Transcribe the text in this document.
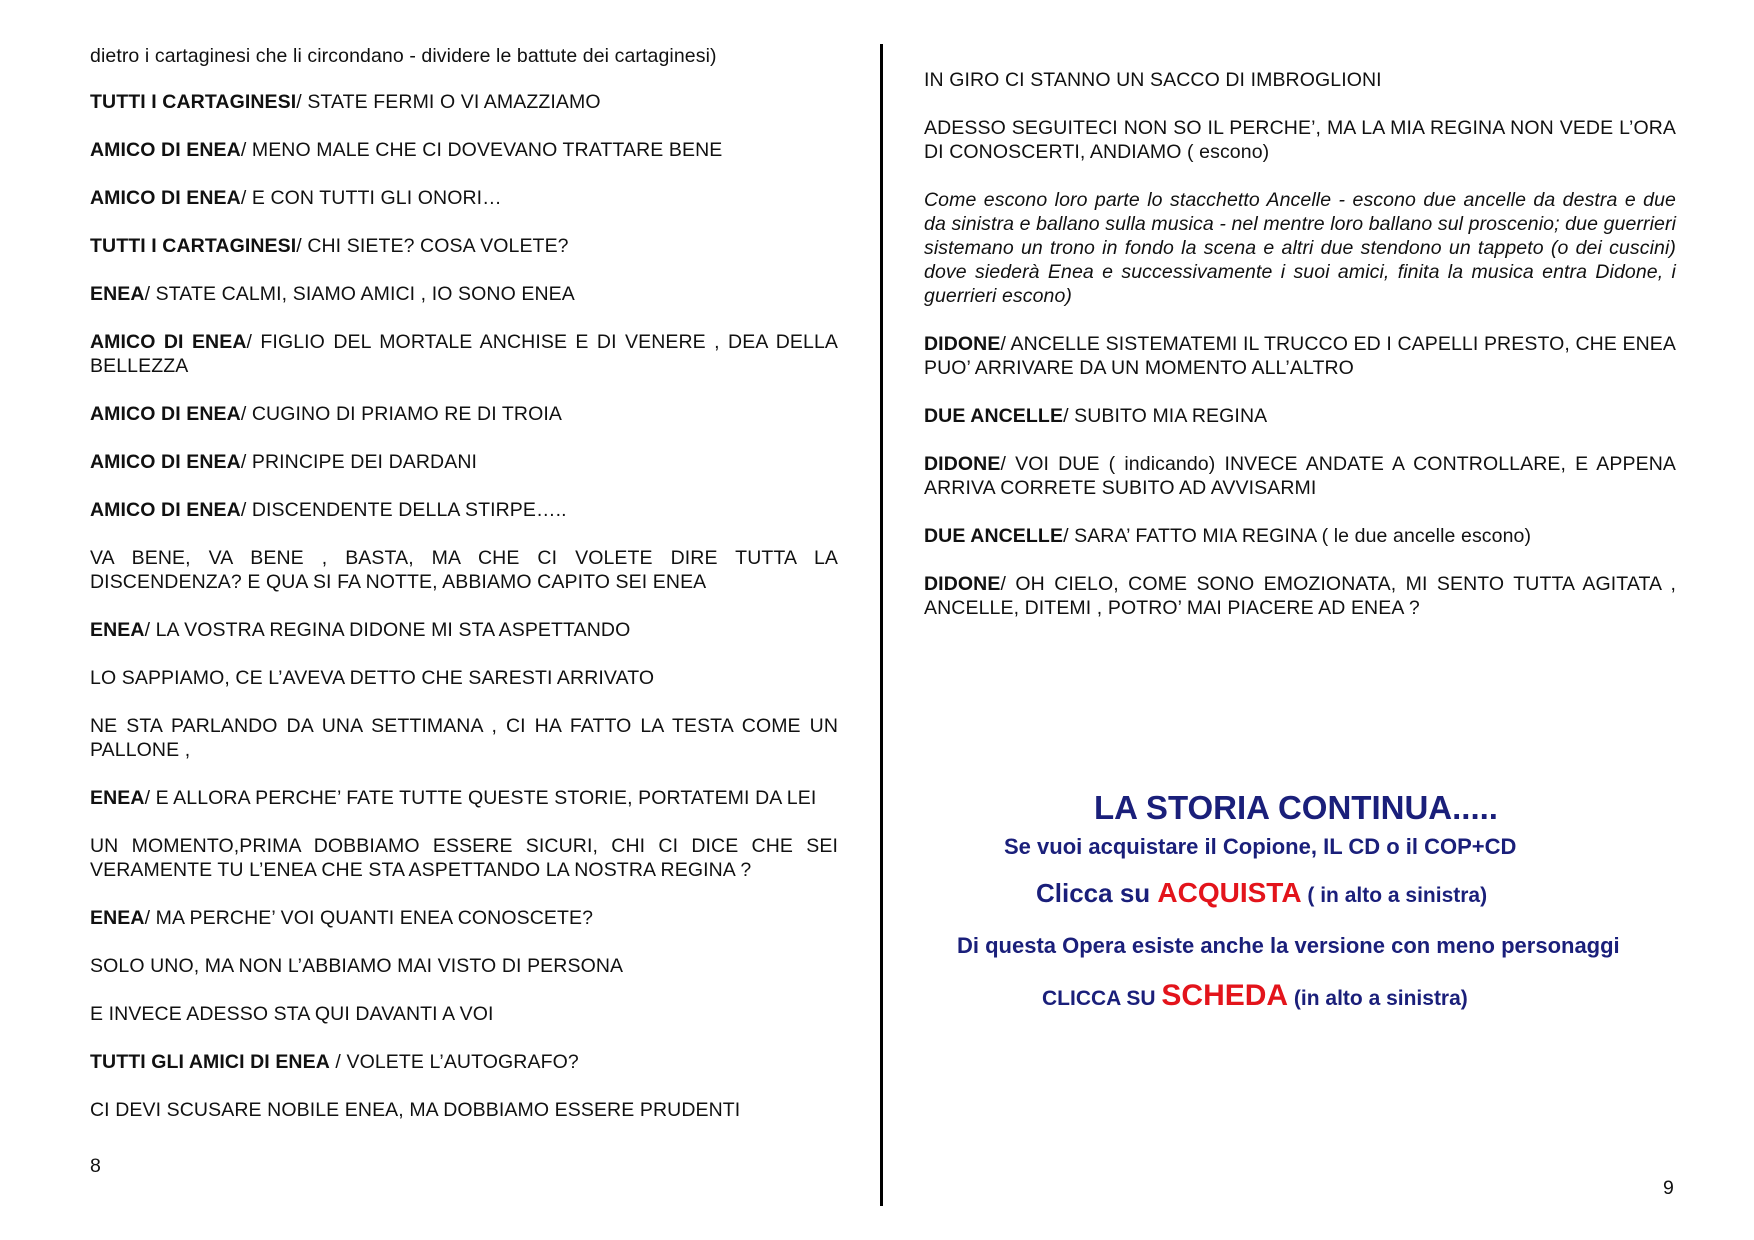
dietro i cartaginesi che li circondano - dividere le battute dei cartaginesi)
TUTTI I CARTAGINESI/ STATE FERMI O VI AMAZZIAMO
AMICO DI ENEA/ MENO MALE CHE CI DOVEVANO TRATTARE BENE
AMICO DI ENEA/ E CON TUTTI GLI ONORI…
TUTTI I CARTAGINESI/ CHI SIETE? COSA VOLETE?
ENEA/ STATE CALMI, SIAMO AMICI , IO SONO ENEA
AMICO DI ENEA/ FIGLIO DEL MORTALE ANCHISE E DI VENERE , DEA DELLA BELLEZZA
AMICO DI ENEA/ CUGINO DI PRIAMO RE DI TROIA
AMICO DI ENEA/ PRINCIPE DEI DARDANI
AMICO DI ENEA/ DISCENDENTE DELLA STIRPE…..
VA BENE, VA BENE , BASTA, MA CHE CI VOLETE DIRE TUTTA LA DISCENDENZA? E QUA SI FA NOTTE, ABBIAMO CAPITO SEI ENEA
ENEA/ LA VOSTRA REGINA DIDONE MI STA ASPETTANDO
LO SAPPIAMO, CE L’AVEVA DETTO CHE SARESTI ARRIVATO
NE STA PARLANDO DA UNA SETTIMANA , CI HA FATTO LA TESTA COME UN PALLONE ,
ENEA/ E ALLORA PERCHE’ FATE TUTTE QUESTE STORIE, PORTATEMI DA LEI
UN MOMENTO,PRIMA DOBBIAMO ESSERE SICURI, CHI CI DICE CHE SEI VERAMENTE TU L’ENEA CHE STA ASPETTANDO LA NOSTRA REGINA ?
ENEA/ MA PERCHE’ VOI QUANTI ENEA CONOSCETE?
SOLO UNO, MA NON L’ABBIAMO MAI VISTO DI PERSONA
E INVECE ADESSO STA QUI DAVANTI A VOI
TUTTI GLI AMICI DI ENEA / VOLETE L’AUTOGRAFO?
CI DEVI SCUSARE NOBILE ENEA, MA DOBBIAMO ESSERE PRUDENTI
8
IN GIRO CI STANNO UN SACCO DI IMBROGLIONI
ADESSO SEGUITECI NON SO IL PERCHE’, MA LA MIA REGINA NON VEDE L’ORA DI CONOSCERTI, ANDIAMO ( escono)
Come escono loro parte lo stacchetto Ancelle - escono due ancelle da destra e due da sinistra e ballano sulla musica - nel mentre loro ballano sul proscenio; due guerrieri sistemano un trono in fondo la scena e altri due stendono un tappeto (o dei cuscini) dove siederà Enea e successivamente i suoi amici, finita la musica entra Didone, i guerrieri escono)
DIDONE/ ANCELLE SISTEMATEMI IL TRUCCO ED I CAPELLI PRESTO, CHE ENEA PUO’ ARRIVARE DA UN MOMENTO ALL’ALTRO
DUE ANCELLE/ SUBITO MIA REGINA
DIDONE/ VOI DUE ( indicando) INVECE ANDATE A CONTROLLARE, E APPENA ARRIVA CORRETE SUBITO AD AVVISARMI
DUE ANCELLE/ SARA’ FATTO MIA REGINA ( le due ancelle escono)
DIDONE/ OH CIELO, COME SONO EMOZIONATA, MI SENTO TUTTA AGITATA , ANCELLE, DITEMI , POTRO’ MAI PIACERE AD ENEA ?
LA STORIA CONTINUA.....
Se vuoi acquistare il Copione, IL CD o il COP+CD
Clicca su ACQUISTA ( in alto a sinistra)
Di questa Opera esiste anche la versione con meno personaggi
CLICCA SU SCHEDA (in alto a sinistra)
9
